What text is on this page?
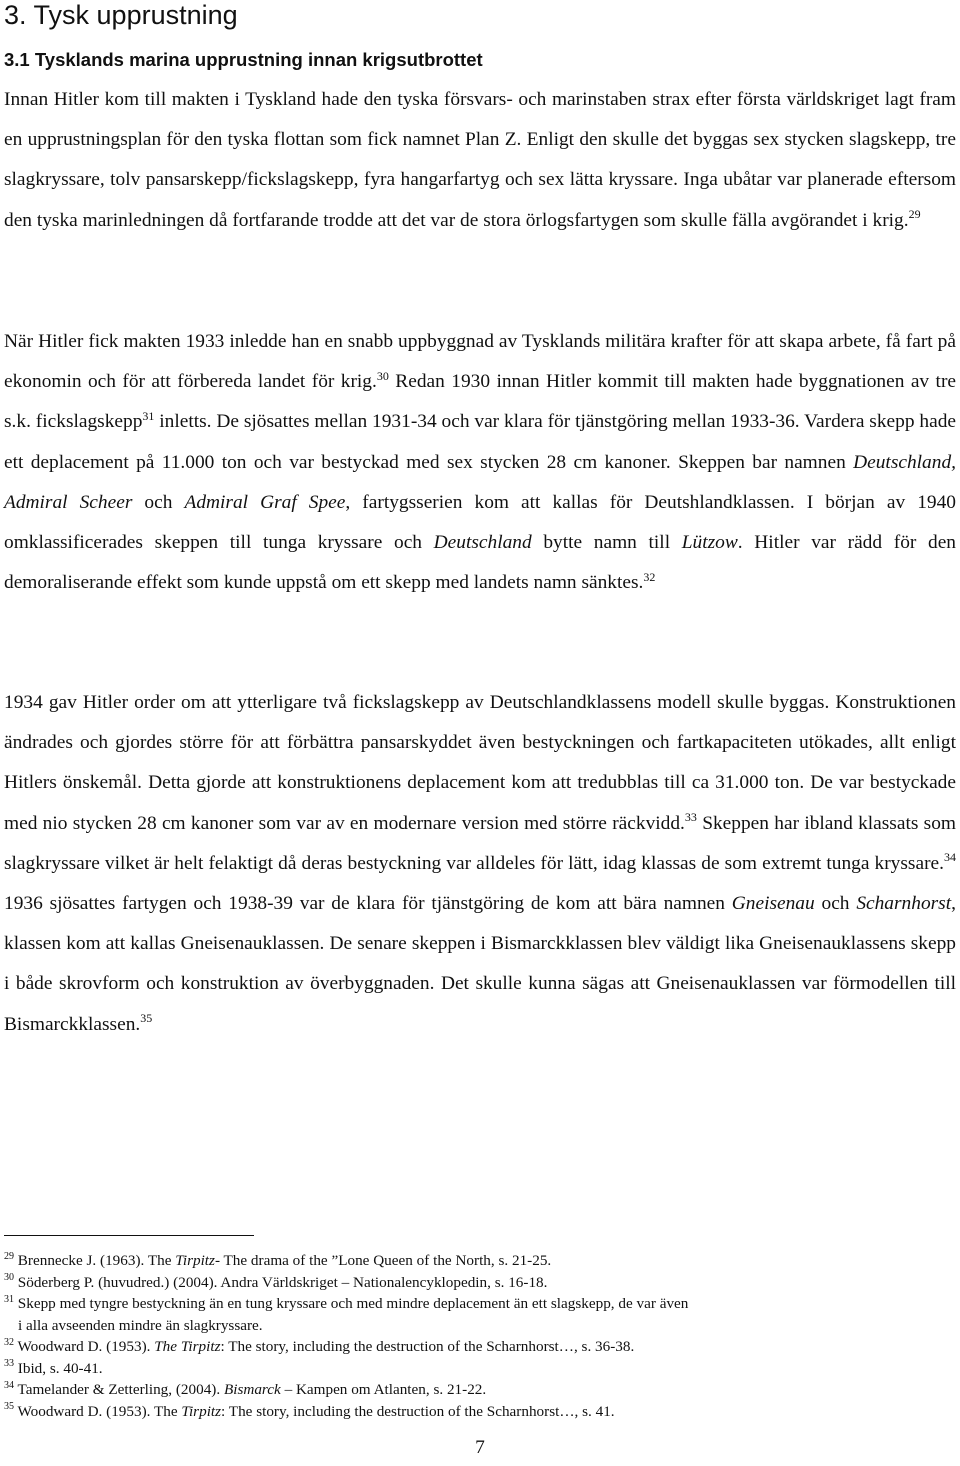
3. Tysk upprustning
3.1 Tysklands marina upprustning innan krigsutbrottet

Innan Hitler kom till makten i Tyskland hade den tyska försvars- och marinstaben strax efter första världskriget lagt fram en upprustningsplan för den tyska flottan som fick namnet Plan Z. Enligt den skulle det byggas sex stycken slagskepp, tre slagkryssare, tolv pansarskepp/fickslagskepp, fyra hangarfartyg och sex lätta kryssare. Inga ubåtar var planerade eftersom den tyska marinledningen då fortfarande trodde att det var de stora örlogsfartygen som skulle fälla avgörandet i krig.$^{29}$

När Hitler fick makten 1933 inledde han en snabb uppbyggnad av Tysklands militära krafter för att skapa arbete, få fart på ekonomin och för att förbereda landet för krig.$^{30}$ Redan 1930 innan Hitler kommit till makten hade byggnationen av tre s.k. fickslagskepp$^{31}$ inletts. De sjösattes mellan 1931-34 och var klara för tjänstgöring mellan 1933-36. Vardera skepp hade ett deplacement på 11.000 ton och var bestyckad med sex stycken 28 cm kanoner. Skeppen bar namnen Deutschland, Admiral Scheer och Admiral Graf Spee, fartygsserien kom att kallas för Deutshlandklassen. I början av 1940 omklassificerades skeppen till tunga kryssare och Deutschland bytte namn till Lützow. Hitler var rädd för den demoraliserande effekt som kunde uppstå om ett skepp med landets namn sänktes.$^{32}$

1934 gav Hitler order om att ytterligare två fickslagskepp av Deutschlandklassens modell skulle byggas. Konstruktionen ändrades och gjordes större för att förbättra pansarskyddet även bestyckningen och fartkapaciteten utökades, allt enligt Hitlers önskemål. Detta gjorde att konstruktionens deplacement kom att tredubblas till ca 31.000 ton. De var bestyckade med nio stycken 28 cm kanoner som var av en modernare version med större räckvidd.$^{33}$ Skeppen har ibland klassats som slagkryssare vilket är helt felaktigt då deras bestyckning var alldeles för lätt, idag klassas de som extremt tunga kryssare.$^{34}$ 1936 sjösattes fartygen och 1938-39 var de klara för tjänstgöring de kom att bära namnen Gneisenau och Scharnhorst, klassen kom att kallas Gneisenauklassen. De senare skeppen i Bismarckklassen blev väldigt lika Gneisenauklassens skepp i både skrovform och konstruktion av överbyggnaden. Det skulle kunna sägas att Gneisenauklassen var förmodellen till Bismarckklassen.$^{35}$

$^{29}$ Brennecke J. (1963). The Tirpitz- The drama of the ”Lone Queen of the North, s. 21-25.

$^{30}$ Söderberg P. (huvudred.) (2004). Andra Världskriget – Nationalencyklopedin, s. 16-18.

$^{31}$ Skepp med tyngre bestyckning än en tung kryssare och med mindre deplacement än ett slagskepp, de var även
i alla avseenden mindre än slagkryssare.

$^{32}$ Woodward D. (1953). The Tirpitz: The story, including the destruction of the Scharnhorst…, s. 36-38.

$^{33}$ Ibid, s. 40-41.

$^{34}$ Tamelander & Zetterling, (2004). Bismarck – Kampen om Atlanten, s. 21-22.

$^{35}$ Woodward D. (1953). The Tirpitz: The story, including the destruction of the Scharnhorst…, s. 41.

7
